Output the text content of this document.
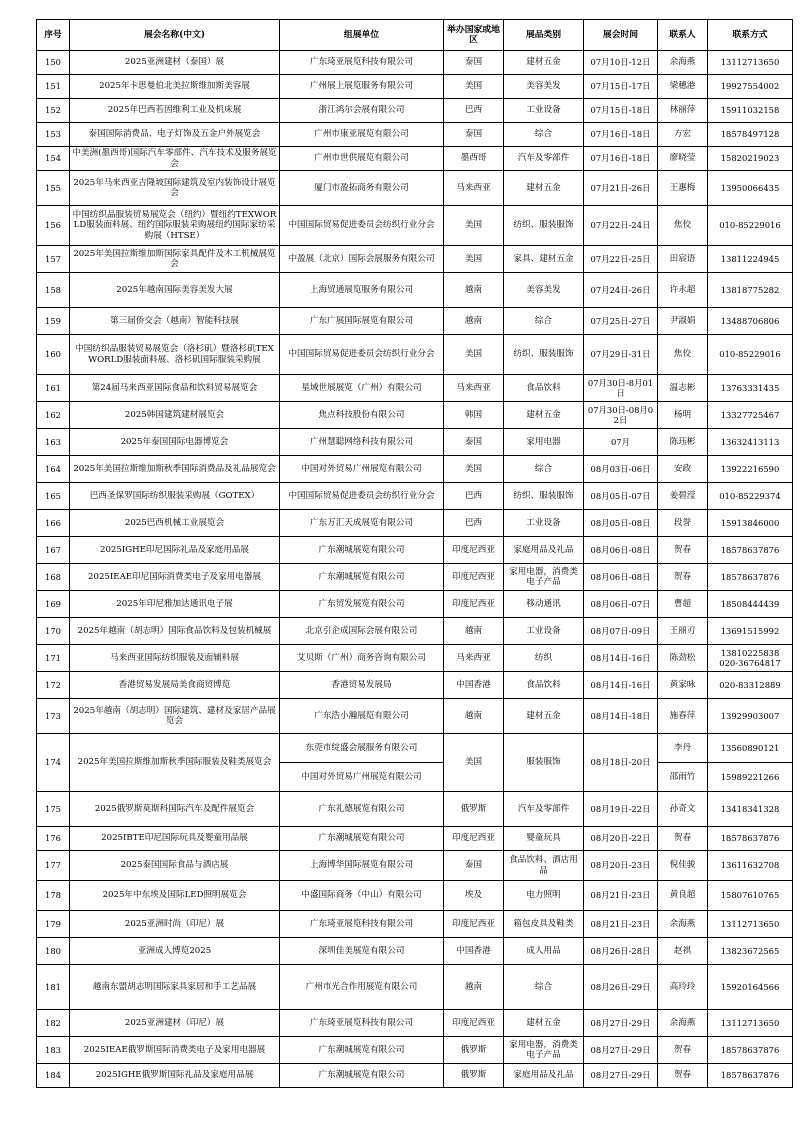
序号	展会名称(中文)	组展单位	举办国家或地区	展品类别	展会时间	联系人	联系方式
150	2025亚洲建材（泰国）展	广东琦亚展览科技有限公司	泰国	建材五金	07月10日-12日	余海燕	13112713650
151	2025年卡思曼伯北美拉斯维加斯美容展	广州展上展览服务有限公司	美国	美容美发	07月15日-17日	梁穗港	19927554002
152	2025年巴西若因维利工业及机床展	浙江鸿尔会展有限公司	巴西	工业设备	07月15日-18日	林丽萍	15911032158
153	泰国国际消费品、电子灯饰及五金户外展览会	广州市康亚展览有限公司	泰国	综合	07月16日-18日	方宏	18578497128
154	中美洲(墨西哥)国际汽车零部件、汽车技术及服务展览会	广州市世供展览有限公司	墨西哥	汽车及零部件	07月16日-18日	廖晓莹	15820219023
155	2025年马来西亚吉隆坡国际建筑及室内装饰设计展览会	厦门市盈拓商务有限公司	马来西亚	建材五金	07月21日-26日	王惠梅	13950066435
156	中国纺织品服装贸易展览会（纽约）暨纽约TEXWORLD服装面料展、纽约国际服装采购展纽约国际家纺采购展（HTSE）	中国国际贸易促进委员会纺织行业分会	美国	纺织、服装服饰	07月22日-24日	焦佼	010-85229016
157	2025年美国拉斯维加斯国际家具配件及木工机械展览会	中盈展（北京）国际会展服务有限公司	美国	家具、建材五金	07月22日-25日	田宸语	13811224945
158	2025年越南国际美容美发大展	上海贸通展览服务有限公司	越南	美容美发	07月24日-26日	许永超	13818775282
159	第三届侨交会（越南）智能科技展	广东广展国际展览有限公司	越南	综合	07月25日-27日	尹淑娟	13488706806
160	中国纺织品服装贸易展览会（洛杉矶）暨洛杉矶TEXWORLD服装面料展、洛杉矶国际服装采购展	中国国际贸易促进委员会纺织行业分会	美国	纺织、服装服饰	07月29日-31日	焦佼	010-85229016
161	第24届马来西亚国际食品和饮料贸易展览会	星域世展展览（广州）有限公司	马来西亚	食品饮料	07月30日-8月01日	温志彬	13763331435
162	2025韩国建筑建材展览会	焦点科技股份有限公司	韩国	建材五金	07月30日-08月02日	杨明	13327725467
163	2025年泰国国际电器博览会	广州慧聪网络科技有限公司	泰国	家用电器	07月	陈珏彬	13632413113
164	2025年美国拉斯维加斯秋季国际消费品及礼品展览会	中国对外贸易广州展览有限公司	美国	综合	08月03日-06日	安政	13922216590
165	巴西圣保罗国际纺织服装采购展（GOTEX）	中国国际贸易促进委员会纺织行业分会	巴西	纺织、服装服饰	08月05日-07日	姜碧滢	010-85229374
166	2025巴西机械工业展览会	广东万汇天成展览有限公司	巴西	工业设备	08月05日-08日	段誉	15913846000
167	2025IGHE印尼国际礼品及家庭用品展	广东潮城展览有限公司	印度尼西亚	家庭用品及礼品	08月06日-08日	贺春	18578637876
168	2025IEAE印尼国际消费类电子及家用电器展	广东潮城展览有限公司	印度尼西亚	家用电器，消费类电子产品	08月06日-08日	贺春	18578637876
169	2025年印尼雅加达通讯电子展	广东贸发展览有限公司	印度尼西亚	移动通讯	08月06日-07日	曹超	18508444439
170	2025年越南（胡志明）国际食品饮料及包装机械展	北京引企成国际会展有限公司	越南	工业设备	08月07日-09日	王丽刃	13691515992
171	马来西亚国际纺织服装及面辅料展	艾贝斯（广州）商务咨询有限公司	马来西亚	纺织	08月14日-16日	陈劲松	13810225838
020-36764817
172	香港贸易发展局美食商贸博览	香港贸易发展局	中国香港	食品饮料	08月14日-16日	黄家咏	020-83312889
173	2025年越南（胡志明）国际建筑、建材及家居产品展览会	广东浩小瀚展览有限公司	越南	建材五金	08月14日-18日	施春萍	13929903007
174	2025年美国拉斯维加斯秋季国际服装及鞋类展览会	东莞市绽盛会展服务有限公司	美国	服装服饰	08月18日-20日	李丹	13560890121
		中国对外贸易广州展览有限公司				邵雨竹	15989221266
175	2025俄罗斯莫斯科国际汽车及配件展览会	广东礼德展览有限公司	俄罗斯	汽车及零部件	08月19日-22日	孙奇文	13418341328
176	2025IBTE印尼国际玩具及婴童用品展	广东潮城展览有限公司	印度尼西亚	婴童玩具	08月20日-22日	贺春	18578637876
177	2025泰国国际食品与酒店展	上海博华国际展览有限公司	泰国	食品饮料、酒店用品	08月20日-23日	倪佳骏	13611632708
178	2025年中东埃及国际LED照明展览会	中盛国际商务（中山）有限公司	埃及	电力照明	08月21日-23日	黄良超	15807610765
179	2025亚洲时尚（印尼）展	广东琦亚展览科技有限公司	印度尼西亚	箱包皮具及鞋类	08月21日-23日	余海燕	13112713650
180	亚洲成人博览2025	深圳佳美展览有限公司	中国香港	成人用品	08月26日-28日	赵祺	13823672565
181	越南东盟胡志明国际家具家居和手工艺品展	广州市光合作用展览有限公司	越南	综合	08月26日-29日	高玲玲	15920164566
182	2025亚洲建材（印尼）展	广东琦亚展览科技有限公司	印度尼西亚	建材五金	08月27日-29日	余海燕	13112713650
183	2025IEAE俄罗斯国际消费类电子及家用电器展	广东潮城展览有限公司	俄罗斯	家用电器，消费类电子产品	08月27日-29日	贺春	18578637876
184	2025IGHE俄罗斯国际礼品及家庭用品展	广东潮城展览有限公司	俄罗斯	家庭用品及礼品	08月27日-29日	贺春	18578637876
